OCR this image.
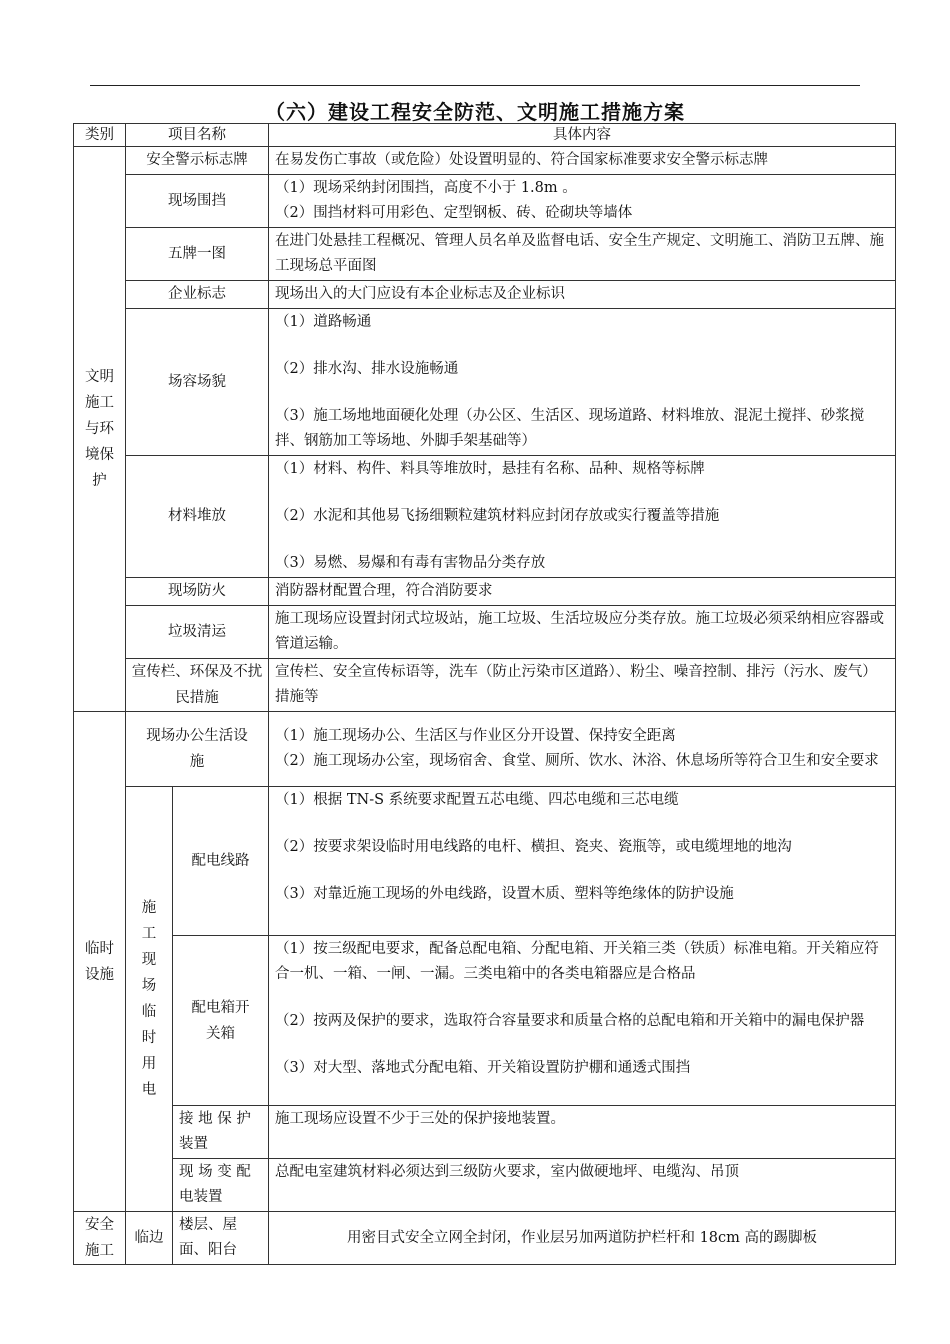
（六）建设工程安全防范、文明施工措施方案
类别	项目名称		具体内容
文明施工与环境保护	安全警示标志牌		在易发伤亡事故（或危险）处设置明显的、符合国家标准要求安全警示标志牌

	现场围挡		（1）现场采纳封闭围挡，高度不小于 1.8m 。

（2）围挡材料可用彩色、定型钢板、砖、砼砌块等墙体

	五牌一图		在进门处悬挂工程概况、管理人员名单及监督电话、安全生产规定、文明施工、消防卫五牌、施工现场总平面图

	企业标志		现场出入的大门应设有本企业标志及企业标识

	场容场貌		（1）道路畅通

（2）排水沟、排水设施畅通

（3）施工场地地面硬化处理（办公区、生活区、现场道路、材料堆放、混泥土搅拌、砂浆搅拌、钢筋加工等场地、外脚手架基础等）

	材料堆放		（1）材料、构件、料具等堆放时，悬挂有名称、品种、规格等标牌

（2）水泥和其他易飞扬细颗粒建筑材料应封闭存放或实行覆盖等措施

（3）易燃、易爆和有毒有害物品分类存放

	现场防火		消防器材配置合理，符合消防要求

	垃圾清运		施工现场应设置封闭式垃圾站，施工垃圾、生活垃圾应分类存放。施工垃圾必须采纳相应容器或管道运输。

	宣传栏、环保及不扰民措施		宣传栏、安全宣传标语等，洗车（防止污染市区道路）、粉尘、噪音控制、排污（污水、废气）措施等

临时设施	现场办公生活设施		（1）施工现场办公、生活区与作业区分开设置、保持安全距离

（2）施工现场办公室，现场宿舍、食堂、厕所、饮水、沐浴、休息场所等符合卫生和安全要求

	施工现场临时用电	配电线路	（1）根据 TN-S 系统要求配置五芯电缆、四芯电缆和三芯电缆

（2）按要求架设临时用电线路的电杆、横担、瓷夹、瓷瓶等，或电缆埋地的地沟

（3）对靠近施工现场的外电线路，设置木质、塑料等绝缘体的防护设施

		配电箱开关箱	（1）按三级配电要求，配备总配电箱、分配电箱、开关箱三类（铁质）标准电箱。开关箱应符合一机、一箱、一闸、一漏。三类电箱中的各类电箱器应是合格品

（2）按两及保护的要求，选取符合容量要求和质量合格的总配电箱和开关箱中的漏电保护器

（3）对大型、落地式分配电箱、开关箱设置防护棚和通透式围挡

		接 地 保 护装置	施工现场应设置不少于三处的保护接地装置。

		现 场 变 配电装置	总配电室建筑材料必须达到三级防火要求，室内做硬地坪、电缆沟、吊顶

安全施工	临边	楼层、屋面、阳台	用密目式安全立网全封闭，作业层另加两道防护栏杆和 18cm 高的踢脚板
